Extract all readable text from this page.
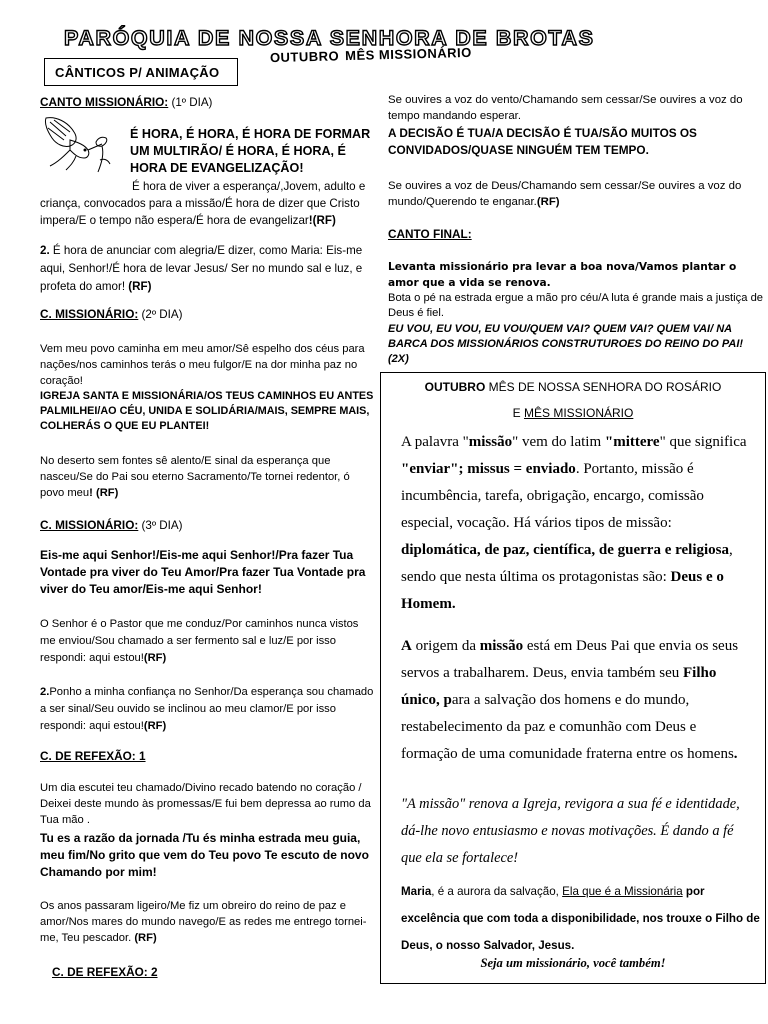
PARÓQUIA DE NOSSA SENHORA DE BROTAS
OUTUBRO MÊS MISSIONÁRIO
CÂNTICOS P/ ANIMAÇÃO
CANTO MISSIONÁRIO: (1º DIA)
É HORA, É HORA, É HORA DE FORMAR UM MULTIRÃO/ É HORA, É HORA, É HORA DE EVANGELIZAÇÃO!
É hora de viver a esperança/,Jovem, adulto e criança, convocados para a missão/É hora de dizer que Cristo impera/E o tempo não espera/É hora de evangelizar!(RF)
2. É hora de anunciar com alegria/E dizer, como Maria: Eis-me aqui, Senhor!/É hora de levar Jesus/ Ser no mundo sal e luz, e profeta do amor! (RF)
C. MISSIONÁRIO: (2º DIA)
Vem meu povo caminha em meu amor/Sê espelho dos céus para nações/nos caminhos terás o meu fulgor/E na dor minha paz no coração!
IGREJA SANTA E MISSIONÁRIA/OS TEUS CAMINHOS EU ANTES PALMILHEI/AO CÉU, UNIDA E SOLIDÁRIA/MAIS, SEMPRE MAIS, COLHERÁS O QUE EU PLANTEI!
No deserto sem fontes sê alento/E sinal da esperança que nasceu/Se do Pai sou eterno Sacramento/Te tornei redentor, ó povo meu! (RF)
C. MISSIONÁRIO: (3º DIA)
Eis-me aqui Senhor!/Eis-me aqui Senhor!/Pra fazer Tua Vontade pra viver do Teu Amor/Pra fazer Tua Vontade pra viver do Teu amor/Eis-me aqui Senhor!
O Senhor é o Pastor que me conduz/Por caminhos nunca vistos me enviou/Sou chamado a ser fermento sal e luz/E por isso respondi: aqui estou!(RF)
2.Ponho a minha confiança no Senhor/Da esperança sou chamado a ser sinal/Seu ouvido se inclinou ao meu clamor/E por isso respondi: aqui estou!(RF)
C. DE REFEXÃO: 1
Um dia escutei teu chamado/Divino recado batendo no coração / Deixei deste mundo às promessas/E fui bem depressa ao rumo da Tua mão .
Tu es a razão da jornada /Tu és minha estrada meu guia, meu fim/No grito que vem do Teu povo Te escuto de novo Chamando por mim!
Os anos passaram ligeiro/Me fiz um obreiro do reino de paz e amor/Nos mares do mundo navego/E as redes me entrego tornei-me, Teu pescador. (RF)
C. DE REFEXÃO: 2
Se ouvires a voz do vento/Chamando sem cessar/Se ouvires a voz do tempo mandando esperar.
A DECISÃO É TUA/A DECISÃO É TUA/SÃO MUITOS OS CONVIDADOS/QUASE NINGUÉM TEM TEMPO.
Se ouvires a voz de Deus/Chamando sem cessar/Se ouvires a voz do mundo/Querendo te enganar.(RF)
CANTO FINAL:
Levanta missionário pra levar a boa nova/Vamos plantar o amor que a vida se renova.
Bota o pé na estrada ergue a mão pro céu/A luta é grande mais a justiça de Deus é fiel.
EU VOU, EU VOU, EU VOU/QUEM VAI? QUEM VAI? QUEM VAI/ NA BARCA DOS MISSIONÁRIOS CONSTRUTUROES DO REINO DO PAI! (2X)
OUTUBRO MÊS DE NOSSA SENHORA DO ROSÁRIO
E MÊS MISSIONÁRIO
A palavra "missão" vem do latim "mittere" que significa "enviar"; missus = enviado. Portanto, missão é incumbência, tarefa, obrigação, encargo, comissão especial, vocação. Há vários tipos de missão: diplomática, de paz, científica, de guerra e religiosa, sendo que nesta última os protagonistas são: Deus e o Homem.
A origem da missão está em Deus Pai que envia os seus servos a trabalharem. Deus, envia também seu Filho único, para a salvação dos homens e do mundo, restabelecimento da paz e comunhão com Deus e formação de uma comunidade fraterna entre os homens.
"A missão" renova a Igreja, revigora a sua fé e identidade, dá-lhe novo entusiasmo e novas motivações. É dando a fé que ela se fortalece!
Maria, é a aurora da salvação, Ela que é a Missionária por excelência que com toda a disponibilidade, nos trouxe o Filho de Deus, o nosso Salvador, Jesus.
Seja um missionário, você também!
